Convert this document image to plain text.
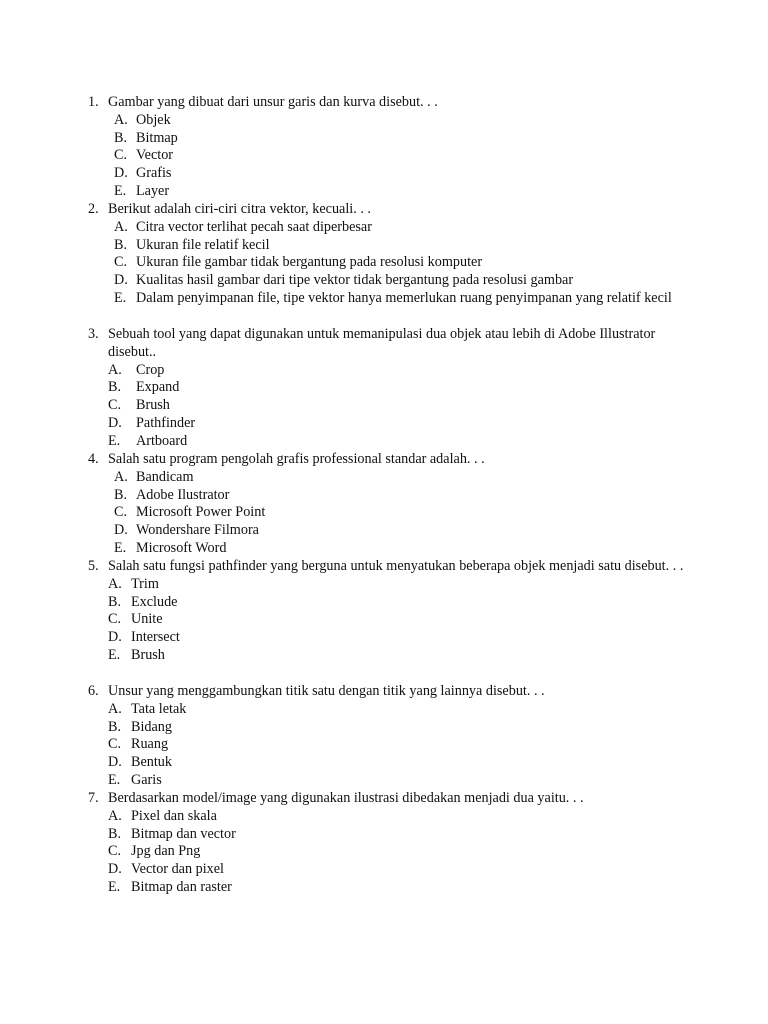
1. Gambar yang dibuat dari unsur garis dan kurva disebut. . .
A. Objek
B. Bitmap
C. Vector
D. Grafis
E. Layer
2. Berikut adalah ciri-ciri citra vektor, kecuali. . .
A. Citra vector terlihat pecah saat diperbesar
B. Ukuran file relatif kecil
C. Ukuran file gambar tidak bergantung pada resolusi komputer
D. Kualitas hasil gambar dari tipe vektor tidak bergantung pada resolusi gambar
E. Dalam penyimpanan file, tipe vektor hanya memerlukan ruang penyimpanan yang relatif kecil
3. Sebuah tool yang dapat digunakan untuk memanipulasi dua objek atau lebih di Adobe Illustrator disebut..
A.	Crop
B.	Expand
C.	Brush
D.	Pathfinder
E.	Artboard
4. Salah satu program pengolah grafis professional standar adalah. . .
A. Bandicam
B. Adobe Ilustrator
C. Microsoft Power Point
D. Wondershare Filmora
E. Microsoft Word
5. Salah satu fungsi pathfinder yang berguna untuk menyatukan beberapa objek menjadi satu disebut. . .
A. Trim
B. Exclude
C. Unite
D. Intersect
E. Brush
6. Unsur yang menggambungkan titik satu dengan titik yang lainnya disebut. . .
A. Tata letak
B. Bidang
C. Ruang
D. Bentuk
E. Garis
7. Berdasarkan model/image yang digunakan ilustrasi dibedakan menjadi dua yaitu. . .
A. Pixel dan skala
B. Bitmap dan vector
C. Jpg dan Png
D. Vector dan pixel
E. Bitmap dan raster
